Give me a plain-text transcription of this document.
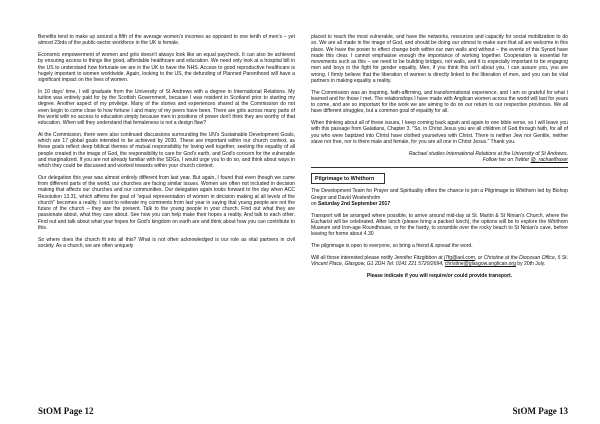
Benefits tend to make up around a fifth of the average women's incomes as opposed to one tenth of men's – yet almost 23rds of the public-sector workforce in the UK is female.

Economic empowerment of women and girls doesn't always look like an equal paycheck. It can also be achieved by ensuring access to things like good, affordable healthcare and education. We need only look at a hospital bill in the US to understand how fortunate we are in the UK to have the NHS. Access to good reproductive healthcare is hugely important to women worldwide. Again, looking to the US, the defunding of Planned Parenthood will have a significant impact on the lives of women.

In 10 days' time, I will graduate from the University of St Andrews with a degree in International Relations. My tuition was entirely paid for by the Scottish Government, because I was resident in Scotland prior to starting my degree. Another aspect of my privilege. Many of the stories and experiences shared at the Commission do not even begin to come close to how fortune I and many of my peers have been. There are girls across many parts of the world with no access to education simply because men in positions of power don't think they are worthy of that education. When will they understand that femaleness is not a design flaw?

At the Commission, there were also continued discussions surrounding the UN's Sustainable Development Goals, which are 17 global goals intended to be achieved by 2030. These are important within our church context, as these goals reflect deep biblical themes of mutual responsibility for loving well together, seeking the equality of all people created in the image of God, the responsibility to care for God's earth, and God's concern for the vulnerable and marginalized. If you are not already familiar with the SDGs, I would urge you to do so, and think about ways in which they could be discussed and worked towards within your church context.

Our delegation this year was almost entirely different from last year. But again, I found that even though we came from different parts of the world, our churches are facing similar issues. Women are often not included in decision making that affects our churches and our communities. Our delegation again looks forward to the day when ACC Resolution 13.31, which affirms the goal of "equal representation of women in decision making at all levels of the church" becomes a reality. I want to reiterate my comments from last year in saying that young people are not the future of the church – they are the present. Talk to the young people in your church. Find out what they are passionate about, what they care about. See how you can help make their hopes a reality. And talk to each other. Find out and talk about what your hopes for God's kingdom on earth are and think about how you can contribute to this.

So where does the church fit into all this? What is not often acknowledged is our role as vital partners in civil society. As a church, we are often uniquely

StOM Page 12

placed to reach the most vulnerable, and have the networks, resources and capacity for social mobilization to do so. We are all made in the image of God, and should be doing our utmost to make sure that all are welcome in this place. We have the power to effect change both within our own walls and without – the events of this Synod have made this clear. I cannot emphasise enough the importance of working together. Cooperation is essential for movements such as this – we need to be building bridges, not walls, and it is especially important to be engaging men and boys in the fight for gender equality. Men, if you think this isn't about you, I can assure you, you are wrong. I firmly believe that the liberation of women is directly linked to the liberation of men, and you can be vital partners in making equality a reality.

The Commission was an inspiring, faith-affirming, and transformational experience, and I am so grateful for what I learned and for those I met. The relationships I have made with Anglican women across the world will last for years to come, and are so important for the work we are aiming to do on our return to our respective provinces. We all have different struggles, but a common goal of equality for all.

When thinking about all of these issues, I keep coming back again and again to one bible verse, so I will leave you with this passage from Galatians, Chapter 3. "So, in Christ Jesus you are all children of God through faith, for all of you who were baptized into Christ have clothed yourselves with Christ. There is neither Jew nor Gentile, neither slave nor free, nor is there male and female, for you are all one in Christ Jesus." Thank you.

Rachael studies International Relations at the University of St Andrews.
Follow her on Twitter @_rachaelfraser
Pilgrimage to Whithorn

The Development Team for Prayer and Spirituality offers the chance to join a Pilgrimage to Whithorn led by Bishop Gregor and David Wostenholm
on Saturday 2nd September 2017

Transport will be arranged where possible, to arrive around mid-day at St. Martin & St Ninian's Church, where the Eucharist will be celebrated. After lunch (please bring a packed lunch), the options will be to explore the Whithorn Museum and Iron-age Roundhouse, or for the hardy, to scramble over the rocky beach to St Ninian's cave, before leaving for home about 4.30

The pilgrimage is open to everyone, so bring a friend & spread the word.

Will all those interested please notify Jennifer Fitzgibbon at j7fg@aol.com, or Christine at the Diocesan Office, 5 St. Vincent Place, Glasgow, G1 2DH Tel: 0141 221 5720/2694, christine@glasgow.anglican.org by 20th July.

Please indicate if you will require/or could provide transport.

StOM Page 13
